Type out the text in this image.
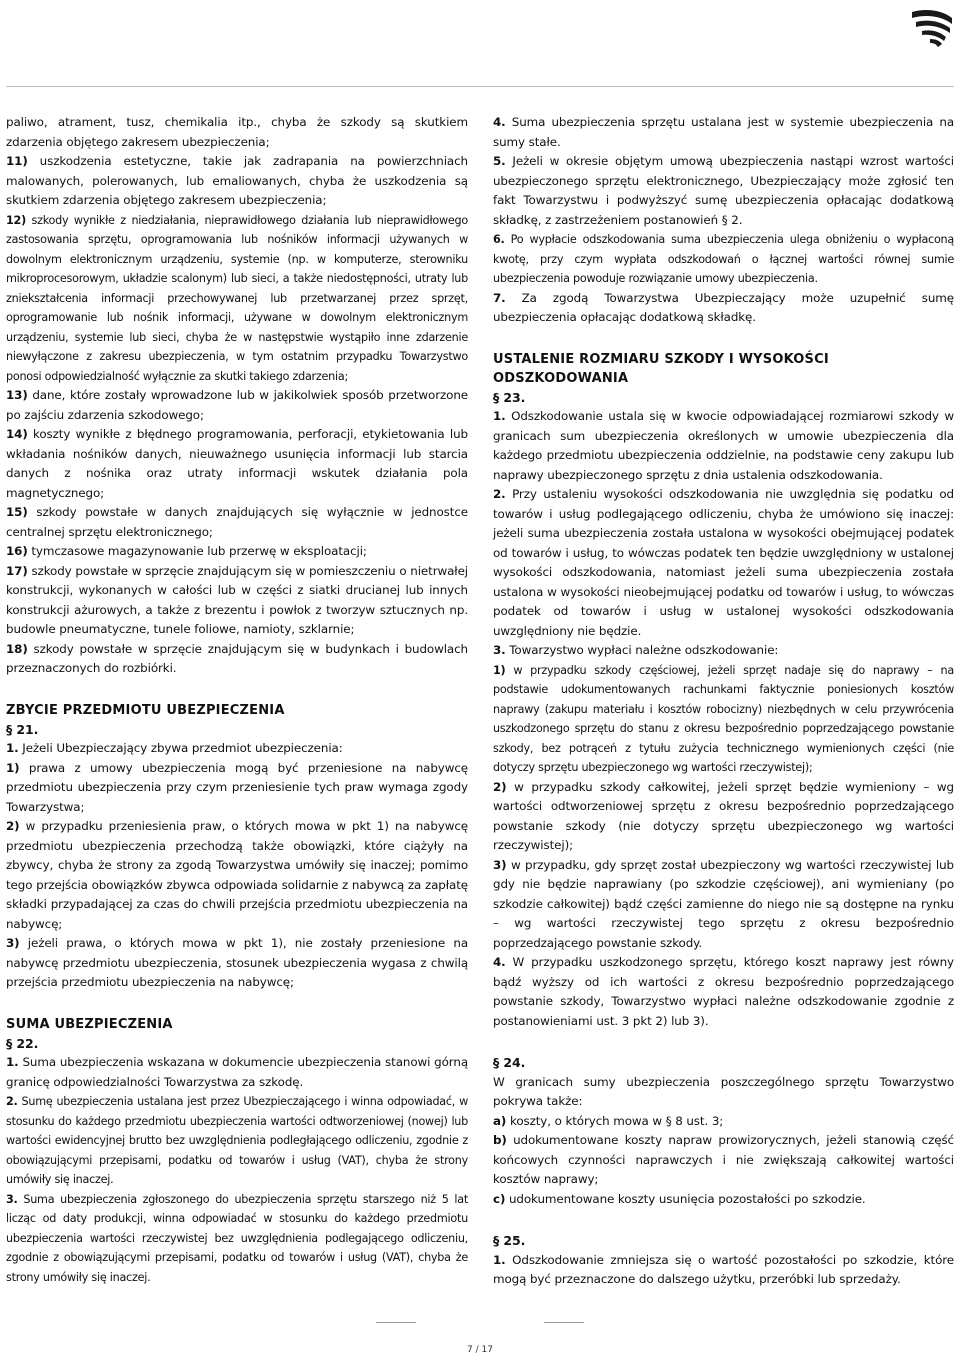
paliwo, atrament, tusz, chemikalia itp., chyba że szkody są skutkiem zdarzenia objętego zakresem ubezpieczenia;

11) uszkodzenia estetyczne, takie jak zadrapania na powierzchniach malowanych, polerowanych, lub emaliowanych, chyba że uszkodzenia są skutkiem zdarzenia objętego zakresem ubezpieczenia;

12) szkody wynikłe z niedziałania, nieprawidłowego działania lub nieprawidłowego zastosowania sprzętu, oprogramowania lub nośników informacji używanych w dowolnym elektronicznym urządzeniu, systemie (np. w komputerze, sterowniku mikroprocesorowym, układzie scalonym) lub sieci, a także niedostępności, utraty lub zniekształcenia informacji przechowywanej lub przetwarzanej przez sprzęt, oprogramowanie lub nośnik informacji, używane w dowolnym elektronicznym urządzeniu, systemie lub sieci, chyba że w następstwie wystąpiło inne zdarzenie niewyłączone z zakresu ubezpieczenia, w tym ostatnim przypadku Towarzystwo ponosi odpowiedzialność wyłącznie za skutki takiego zdarzenia;

13) dane, które zostały wprowadzone lub w jakikolwiek sposób przetworzone po zajściu zdarzenia szkodowego;

14) koszty wynikłe z błędnego programowania, perforacji, etykietowania lub wkładania nośników danych, nieuważnego usunięcia informacji lub starcia danych z nośnika oraz utraty informacji wskutek działania pola magnetycznego;

15) szkody powstałe w danych znajdujących się wyłącznie w jednostce centralnej sprzętu elektronicznego;

16) tymczasowe magazynowanie lub przerwę w eksploatacji;

17) szkody powstałe w sprzęcie znajdującym się w pomieszczeniu o nietrwałej konstrukcji, wykonanych w całości lub w części z siatki drucianej lub innych konstrukcji ażurowych, a także z brezentu i powłok z tworzyw sztucznych np. budowle pneumatyczne, tunele foliowe, namioty, szklarnie;

18) szkody powstałe w sprzęcie znajdującym się w budynkach i budowlach przeznaczonych do rozbiórki.

ZBYCIE PRZEDMIOTU UBEZPIECZENIA

§ 21.

1. Jeżeli Ubezpieczający zbywa przedmiot ubezpieczenia:

1) prawa z umowy ubezpieczenia mogą być przeniesione na nabywcę przedmiotu ubezpieczenia przy czym przeniesienie tych praw wymaga zgody Towarzystwa;

2) w przypadku przeniesienia praw, o których mowa w pkt 1) na nabywcę przedmiotu ubezpieczenia przechodzą także obowiązki, które ciążyły na zbywcy, chyba że strony za zgodą Towarzystwa umówiły się inaczej; pomimo tego przejścia obowiązków zbywca odpowiada solidarnie z nabywcą za zapłatę składki przypadającej za czas do chwili przejścia przedmiotu ubezpieczenia na nabywcę;

3) jeżeli prawa, o których mowa w pkt 1), nie zostały przeniesione na nabywcę przedmiotu ubezpieczenia, stosunek ubezpieczenia wygasa z chwilą przejścia przedmiotu ubezpieczenia na nabywcę;

SUMA UBEZPIECZENIA

§ 22.

1. Suma ubezpieczenia wskazana w dokumencie ubezpieczenia stanowi górną granicę odpowiedzialności Towarzystwa za szkodę.

2. Sumę ubezpieczenia ustalana jest przez Ubezpieczającego i winna odpowiadać, w stosunku do każdego przedmiotu ubezpieczenia wartości odtworzeniowej (nowej) lub wartości ewidencyjnej brutto bez uwzględnienia podległającego odliczeniu, zgodnie z obowiązującymi przepisami, podatku od towarów i usług (VAT), chyba że strony umówiły się inaczej.

3. Suma ubezpieczenia zgłoszonego do ubezpieczenia sprzętu starszego niż 5 lat licząc od daty produkcji, winna odpowiadać w stosunku do każdego przedmiotu ubezpieczenia wartości rzeczywistej bez uwzględnienia podlegającego odliczeniu, zgodnie z obowiązującymi przepisami, podatku od towarów i usług (VAT), chyba że strony umówiły się inaczej.

4. Suma ubezpieczenia sprzętu ustalana jest w systemie ubezpieczenia na sumy stałe.

5. Jeżeli w okresie objętym umową ubezpieczenia nastąpi wzrost wartości ubezpieczonego sprzętu elektronicznego, Ubezpieczający może zgłosić ten fakt Towarzystwu i podwyższyć sumę ubezpieczenia opłacając dodatkową składkę, z zastrzeżeniem postanowień § 2.

6. Po wypłacie odszkodowania suma ubezpieczenia ulega obniżeniu o wypłaconą kwotę, przy czym wypłata odszkodowań o łącznej wartości równej sumie ubezpieczenia powoduje rozwiązanie umowy ubezpieczenia.

7. Za zgodą Towarzystwa Ubezpieczający może uzupełnić sumę ubezpieczenia opłacając dodatkową składkę.

USTALENIE ROZMIARU SZKODY I WYSOKOŚCI ODSZKODOWANIA

§ 23.

1. Odszkodowanie ustala się w kwocie odpowiadającej rozmiarowi szkody w granicach sum ubezpieczenia określonych w umowie ubezpieczenia dla każdego przedmiotu ubezpieczenia oddzielnie, na podstawie ceny zakupu lub naprawy ubezpieczonego sprzętu z dnia ustalenia odszkodowania.

2. Przy ustaleniu wysokości odszkodowania nie uwzględnia się podatku od towarów i usług podlegającego odliczeniu, chyba że umówiono się inaczej: jeżeli suma ubezpieczenia została ustalona w wysokości obejmującej podatek od towarów i usług, to wówczas podatek ten będzie uwzględniony w ustalonej wysokości odszkodowania, natomiast jeżeli suma ubezpieczenia została ustalona w wysokości nieobejmującej podatku od towarów i usług, to wówczas podatek od towarów i usług w ustalonej wysokości odszkodowania uwzględniony nie będzie.

3. Towarzystwo wypłaci należne odszkodowanie:

1) w przypadku szkody częściowej, jeżeli sprzęt nadaje się do naprawy – na podstawie udokumentowanych rachunkami faktycznie poniesionych kosztów naprawy (zakupu materiału i kosztów robocizny) niezbędnych w celu przywrócenia uszkodzonego sprzętu do stanu z okresu bezpośrednio poprzedzającego powstanie szkody, bez potrąceń z tytułu zużycia technicznego wymienionych części (nie dotyczy sprzętu ubezpieczonego wg wartości rzeczywistej);

2) w przypadku szkody całkowitej, jeżeli sprzęt będzie wymieniony – wg wartości odtworzeniowej sprzętu z okresu bezpośrednio poprzedzającego powstanie szkody (nie dotyczy sprzętu ubezpieczonego wg wartości rzeczywistej);

3) w przypadku, gdy sprzęt został ubezpieczony wg wartości rzeczywistej lub gdy nie będzie naprawiany (po szkodzie częściowej), ani wymieniany (po szkodzie całkowitej) bądź części zamienne do niego nie są dostępne na rynku – wg wartości rzeczywistej tego sprzętu z okresu bezpośrednio poprzedzającego powstanie szkody.

4. W przypadku uszkodzonego sprzętu, którego koszt naprawy jest równy bądź wyższy od ich wartości z okresu bezpośrednio poprzedzającego powstanie szkody, Towarzystwo wypłaci należne odszkodowanie zgodnie z postanowieniami ust. 3 pkt 2) lub 3).

§ 24.

W granicach sumy ubezpieczenia poszczególnego sprzętu Towarzystwo pokrywa także:

a) koszty, o których mowa w § 8 ust. 3;

b) udokumentowane koszty napraw prowizorycznych, jeżeli stanowią część końcowych czynności naprawczych i nie zwiększają całkowitej wartości kosztów naprawy;

c) udokumentowane koszty usunięcia pozostałości po szkodzie.

§ 25.

1. Odszkodowanie zmniejsza się o wartość pozostałości po szkodzie, które mogą być przeznaczone do dalszego użytku, przeróbki lub sprzedaży.

7 / 17
